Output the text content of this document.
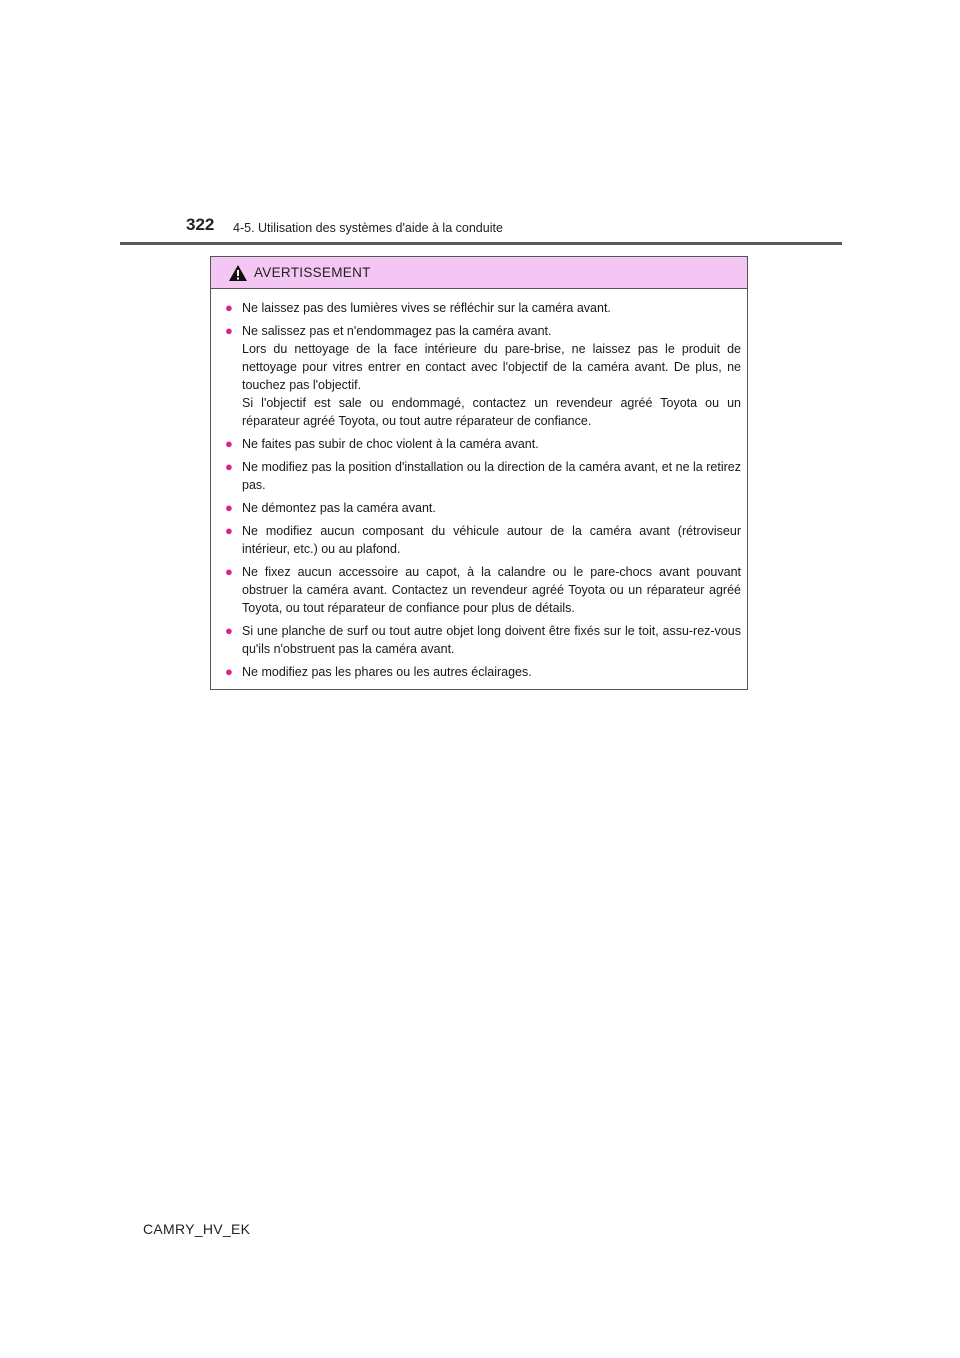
322 4-5. Utilisation des systèmes d'aide à la conduite
AVERTISSEMENT
● Ne laissez pas des lumières vives se réfléchir sur la caméra avant.

● Ne salissez pas et n'endommagez pas la caméra avant.

Lors du nettoyage de la face intérieure du pare-brise, ne laissez pas le produit de nettoyage pour vitres entrer en contact avec l'objectif de la caméra avant. De plus, ne touchez pas l'objectif.

Si l'objectif est sale ou endommagé, contactez un revendeur agréé Toyota ou un réparateur agréé Toyota, ou tout autre réparateur de confiance.

● Ne faites pas subir de choc violent à la caméra avant.

● Ne modifiez pas la position d'installation ou la direction de la caméra avant, et ne la retirez pas.

● Ne démontez pas la caméra avant.

● Ne modifiez aucun composant du véhicule autour de la caméra avant (rétroviseur intérieur, etc.) ou au plafond.

● Ne fixez aucun accessoire au capot, à la calandre ou le pare-chocs avant pouvant obstruer la caméra avant. Contactez un revendeur agréé Toyota ou un réparateur agréé Toyota, ou tout réparateur de confiance pour plus de détails.

● Si une planche de surf ou tout autre objet long doivent être fixés sur le toit, assu-rez-vous qu'ils n'obstruent pas la caméra avant.

● Ne modifiez pas les phares ou les autres éclairages.

CAMRY_HV_EK
